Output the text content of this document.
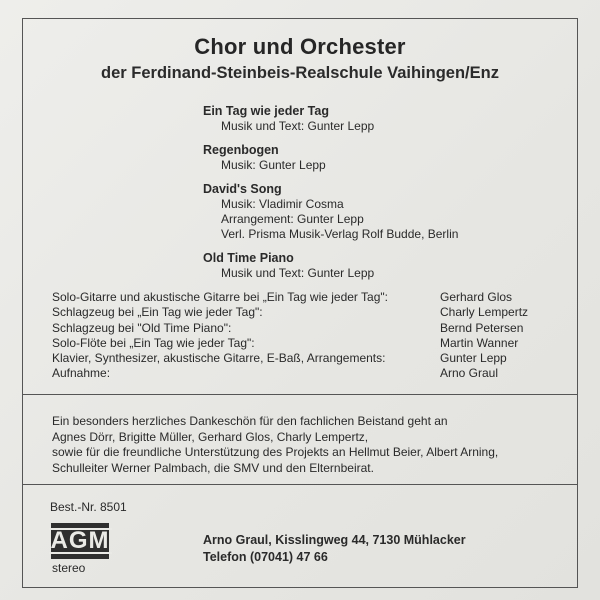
Chor und Orchester
der Ferdinand-Steinbeis-Realschule Vaihingen/Enz
Ein Tag wie jeder Tag
Musik und Text: Gunter Lepp
Regenbogen
Musik: Gunter Lepp
David's Song
Musik: Vladimir Cosma
Arrangement: Gunter Lepp
Verl. Prisma Musik-Verlag Rolf Budde, Berlin
Old Time Piano
Musik und Text: Gunter Lepp
Solo-Gitarre und akustische Gitarre bei „Ein Tag wie jeder Tag":	Gerhard Glos
Schlagzeug bei „Ein Tag wie jeder Tag":	Charly Lempertz
Schlagzeug bei "Old Time Piano":	Bernd Petersen
Solo-Flöte bei „Ein Tag wie jeder Tag":	Martin Wanner
Klavier, Synthesizer, akustische Gitarre, E-Baß, Arrangements:	Gunter Lepp
Aufnahme:	Arno Graul
Ein besonders herzliches Dankeschön für den fachlichen Beistand geht an
Agnes Dörr, Brigitte Müller, Gerhard Glos, Charly Lempertz,
sowie für die freundliche Unterstützung des Projekts an Hellmut Beier, Albert Arning,
Schulleiter Werner Palmbach, die SMV und den Elternbeirat.
Best.-Nr. 8501
AGM
stereo
Arno Graul, Kisslingweg 44, 7130 Mühlacker
Telefon (07041) 47 66
